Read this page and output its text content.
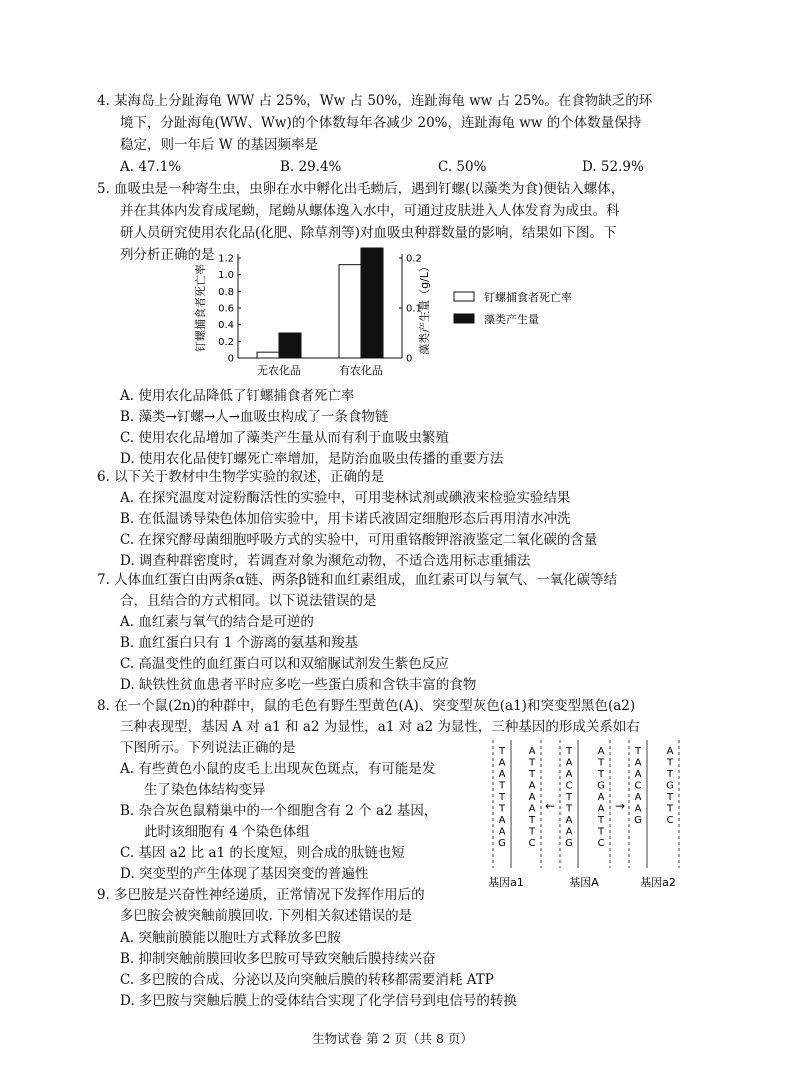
4. 某海岛上分趾海龟 WW 占 25%，Ww 占 50%，连趾海龟 ww 占 25%。在食物缺乏的环
境下，分趾海龟(WW、Ww)的个体数每年各减少 20%，连趾海龟 ww 的个体数量保持
稳定，则一年后 W 的基因频率是
A. 47.1%	B. 29.4%	C. 50%	D. 52.9%
5. 血吸虫是一种寄生虫，虫卵在水中孵化出毛蚴后，遇到钉螺(以藻类为食)便钻入螺体，
并在其体内发育成尾蚴，尾蚴从螺体逸入水中，可通过皮肤进入人体发育为成虫。科
研人员研究使用农化品(化肥、除草剂等)对血吸虫种群数量的影响，结果如下图。下
列分析正确的是
钉螺捕食者死亡率	藻类产生量（g/L）
0
0.2
0.4
0.6
0.8
1.0
1.2
0
0.1
0.2
无农化品	有农化品
钉螺捕食者死亡率
藻类产生量
A. 使用农化品降低了钉螺捕食者死亡率
B. 藻类→钉螺→人→血吸虫构成了一条食物链
C. 使用农化品增加了藻类产生量从而有利于血吸虫繁殖
D. 使用农化品使钉螺死亡率增加，是防治血吸虫传播的重要方法
6. 以下关于教材中生物学实验的叙述，正确的是
A. 在探究温度对淀粉酶活性的实验中，可用斐林试剂或碘液来检验实验结果
B. 在低温诱导染色体加倍实验中，用卡诺氏液固定细胞形态后再用清水冲洗
C. 在探究酵母菌细胞呼吸方式的实验中，可用重铬酸钾溶液鉴定二氧化碳的含量
D. 调查种群密度时，若调查对象为濒危动物，不适合选用标志重捕法
7. 人体血红蛋白由两条α链、两条β链和血红素组成，血红素可以与氧气、一氧化碳等结
合，且结合的方式相同。以下说法错误的是
A. 血红素与氧气的结合是可逆的
B. 血红蛋白只有 1 个游离的氨基和羧基
C. 高温变性的血红蛋白可以和双缩脲试剂发生紫色反应
D. 缺铁性贫血患者平时应多吃一些蛋白质和含铁丰富的食物
8. 在一个鼠(2n)的种群中，鼠的毛色有野生型黄色(A)、突变型灰色(a1)和突变型黑色(a2)
三种表现型，基因 A 对 a1 和 a2 为显性，a1 对 a2 为显性，三种基因的形成关系如右
下图所示。下列说法正确的是
A. 有些黄色小鼠的皮毛上出现灰色斑点，有可能是发
生了染色体结构变异
B. 杂合灰色鼠精巢中的一个细胞含有 2 个 a2 基因，
此时该细胞有 4 个染色体组
C. 基因 a2 比 a1 的长度短，则合成的肽链也短
D. 突变型的产生体现了基因突变的普遍性
T
A
A
T
T
T
A
A
G
A
T
T
A
A
A
T
T
C
T
A
A
C
T
T
A
A
G
A
T
T
G
A
A
T
T
C
T
A
A
C
A
A
G
A
T
T
G
T
T
C
←	→
基因a1	基因A	基因a2
9. 多巴胺是兴奋性神经递质，正常情况下发挥作用后的
多巴胺会被突触前膜回收. 下列相关叙述错误的是
A. 突触前膜能以胞吐方式释放多巴胺
B. 抑制突触前膜回收多巴胺可导致突触后膜持续兴奋
C. 多巴胺的合成、分泌以及向突触后膜的转移都需要消耗 ATP
D. 多巴胺与突触后膜上的受体结合实现了化学信号到电信号的转换
生物试卷 第 2 页（共 8 页）
